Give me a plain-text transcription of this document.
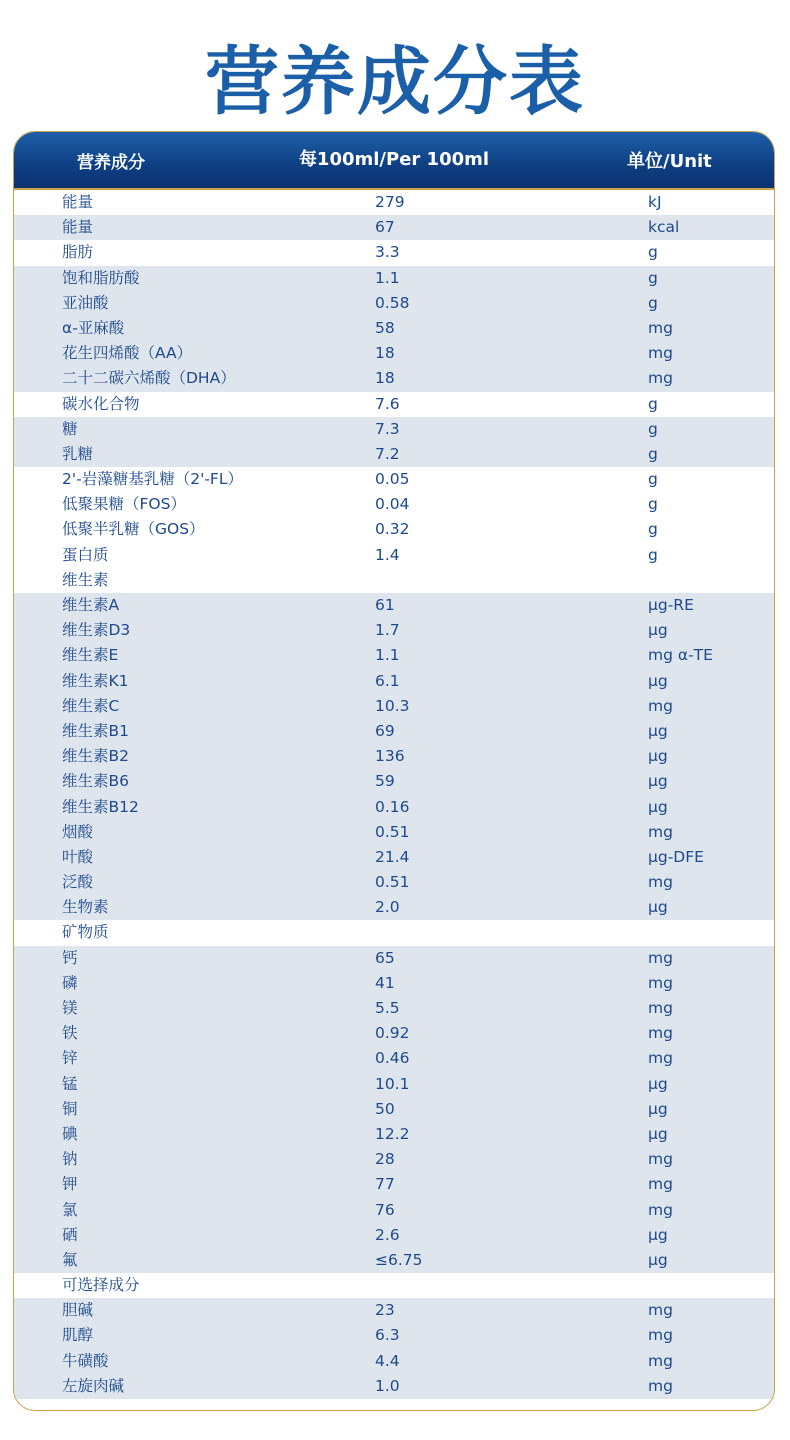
营养成分表
营养成分	每100ml/Per 100ml	单位/Unit
能量	279	kJ
能量	67	kcal
脂肪	3.3	g
饱和脂肪酸	1.1	g
亚油酸	0.58	g
α-亚麻酸	58	mg
花生四烯酸（AA）	18	mg
二十二碳六烯酸（DHA）	18	mg
碳水化合物	7.6	g
糖	7.3	g
乳糖	7.2	g
2'-岩藻糖基乳糖（2'-FL）	0.05	g
低聚果糖（FOS）	0.04	g
低聚半乳糖（GOS）	0.32	g
蛋白质	1.4	g
维生素
维生素A	61	μg-RE
维生素D3	1.7	μg
维生素E	1.1	mg α-TE
维生素K1	6.1	μg
维生素C	10.3	mg
维生素B1	69	μg
维生素B2	136	μg
维生素B6	59	μg
维生素B12	0.16	μg
烟酸	0.51	mg
叶酸	21.4	μg-DFE
泛酸	0.51	mg
生物素	2.0	μg
矿物质
钙	65	mg
磷	41	mg
镁	5.5	mg
铁	0.92	mg
锌	0.46	mg
锰	10.1	μg
铜	50	μg
碘	12.2	μg
钠	28	mg
钾	77	mg
氯	76	mg
硒	2.6	μg
氟	≤6.75	μg
可选择成分
胆碱	23	mg
肌醇	6.3	mg
牛磺酸	4.4	mg
左旋肉碱	1.0	mg
